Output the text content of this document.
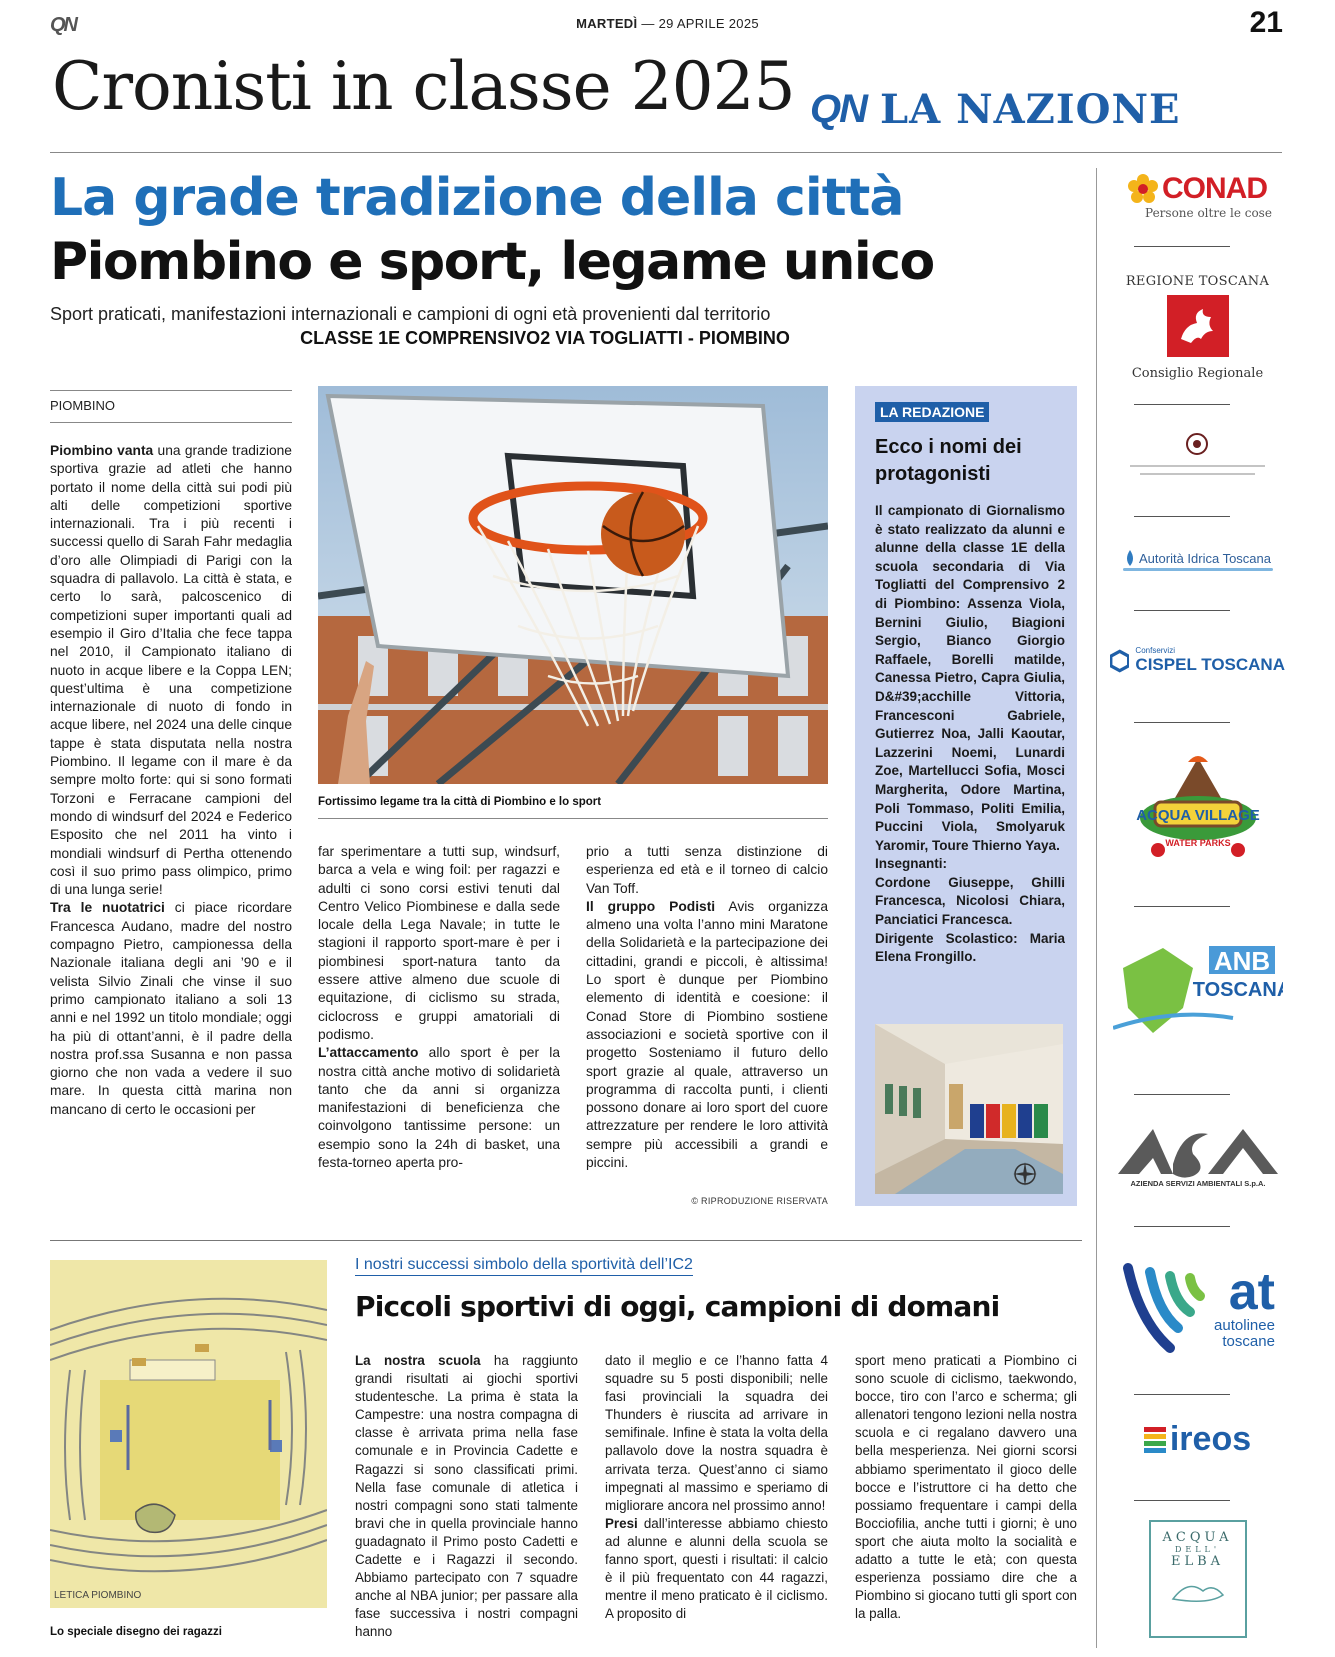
QN	MARTEDÌ — 29 APRILE 2025	21
Cronisti in classe 2025 QN LA NAZIONE
La grade tradizione della città
Piombino e sport, legame unico
Sport praticati, manifestazioni internazionali e campioni di ogni età provenienti dal territorio
CLASSE 1E COMPRENSIVO2 VIA TOGLIATTI - PIOMBINO
PIOMBINO
Piombino vanta una grande tradizione sportiva grazie ad atleti che hanno portato il nome della città sui podi più alti delle competizioni sportive internazionali. Tra i più recenti i successi quello di Sarah Fahr medaglia d’oro alle Olimpiadi di Parigi con la squadra di pallavolo. La città è stata, e certo lo sarà, palcoscenico di competizioni super importanti quali ad esempio il Giro d’Italia che fece tappa nel 2010, il Campionato italiano di nuoto in acque libere e la Coppa LEN; quest’ultima è una competizione internazionale di nuoto di fondo in acque libere, nel 2024 una delle cinque tappe è stata disputata nella nostra Piombino. Il legame con il mare è da sempre molto forte: qui si sono formati Torzoni e Ferracane campioni del mondo di windsurf del 2024 e Federico Esposito che nel 2011 ha vinto i mondiali windsurf di Pertha ottenendo così il suo primo pass olimpico, primo di una lunga serie!
Tra le nuotatrici ci piace ricordare Francesca Audano, madre del nostro compagno Pietro, campionessa della Nazionale italiana degli ani ’90 e il velista Silvio Zinali che vinse il suo primo campionato italiano a soli 13 anni e nel 1992 un titolo mondiale; oggi ha più di ottant’anni, è il padre della nostra prof.ssa Susanna e non passa giorno che non vada a vedere il suo mare. In questa città marina non mancano di certo le occasioni per
Fortissimo legame tra la città di Piombino e lo sport
far sperimentare a tutti sup, windsurf, barca a vela e wing foil: per ragazzi e adulti ci sono corsi estivi tenuti dal Centro Velico Piombinese e dalla sede locale della Lega Navale; in tutte le stagioni il rapporto sport-mare è per i piombinesi sport-natura tanto da essere attive almeno due scuole di equitazione, di ciclismo su strada, ciclocross e gruppi amatoriali di podismo.
L’attaccamento allo sport è per la nostra città anche motivo di solidarietà tanto che da anni si organizza manifestazioni di beneficienza che coinvolgono tantissime persone: un esempio sono la 24h di basket, una festa-torneo aperta pro-
prio a tutti senza distinzione di esperienza ed età e il torneo di calcio Van Toff.
Il gruppo Podisti Avis organizza almeno una volta l’anno mini Maratone della Solidarietà e la partecipazione dei cittadini, grandi e piccoli, è altissima! Lo sport è dunque per Piombino elemento di identità e coesione: il Conad Store di Piombino sostiene associazioni e società sportive con il progetto Sosteniamo il futuro dello sport grazie al quale, attraverso un programma di raccolta punti, i clienti possono donare ai loro sport del cuore attrezzature per rendere le loro attività sempre più accessibili a grandi e piccini.
© RIPRODUZIONE RISERVATA
LA REDAZIONE
Ecco i nomi dei protagonisti
Il campionato di Giornalismo è stato realizzato da alunni e alunne della classe 1E della scuola secondaria di Via Togliatti del Comprensivo 2 di Piombino: Assenza Viola, Bernini Giulio, Biagioni Sergio, Bianco Giorgio Raffaele, Borelli matilde, Canessa Pietro, Capra Giulia, D&#39;acchille Vittoria, Francesconi Gabriele, Gutierrez Noa, Jalli Kaoutar, Lazzerini Noemi, Lunardi Zoe, Martellucci Sofia, Mosci Margherita, Odore Martina, Poli Tommaso, Politi Emilia, Puccini Viola, Smolyaruk Yaromir, Toure Thierno Yaya.
Insegnanti:
Cordone Giuseppe, Ghilli Francesca, Nicolosi Chiara, Panciatici Francesca.
Dirigente Scolastico: Maria Elena Frongillo.
LETICA PIOMBINO
Lo speciale disegno dei ragazzi
I nostri successi simbolo della sportività dell’IC2
Piccoli sportivi di oggi, campioni di domani
La nostra scuola ha raggiunto grandi risultati ai giochi sportivi studentesche. La prima è stata la Campestre: una nostra compagna di classe è arrivata prima nella fase comunale e in Provincia Cadette e Ragazzi si sono classificati primi. Nella fase comunale di atletica i nostri compagni sono stati talmente bravi che in quella provinciale hanno guadagnato il Primo posto Cadetti e Cadette e i Ragazzi il secondo. Abbiamo partecipato con 7 squadre anche al NBA junior; per passare alla fase successiva i nostri compagni hanno
dato il meglio e ce l’hanno fatta 4 squadre su 5 posti disponibili; nelle fasi provinciali la squadra dei Thunders è riuscita ad arrivare in semifinale. Infine è stata la volta della pallavolo dove la nostra squadra è arrivata terza. Quest’anno ci siamo impegnati al massimo e speriamo di migliorare ancora nel prossimo anno!
Presi dall’interesse abbiamo chiesto ad alunne e alunni della scuola se fanno sport, questi i risultati: il calcio è il più frequentato con 44 ragazzi, mentre il meno praticato è il ciclismo. A proposito di
sport meno praticati a Piombino ci sono scuole di ciclismo, taekwondo, bocce, tiro con l’arco e scherma; gli allenatori tengono lezioni nella nostra scuola e ci regalano davvero una bella mesperienza. Nei giorni scorsi abbiamo sperimentato il gioco delle bocce e l’istruttore ci ha detto che possiamo frequentare i campi della Bocciofilia, anche tutti i giorni; è uno sport che aiuta molto la socialità e adatto a tutte le età; con questa esperienza possiamo dire che a Piombino si giocano tutti gli sport con la palla.
CONAD
Persone oltre le cose
REGIONE TOSCANA
Consiglio Regionale
Autorità Idrica Toscana
Confservizi
CISPEL TOSCANA
ACQUA VILLAGE
WATER PARKS
ANB
TOSCANA
AZIENDA SERVIZI AMBIENTALI S.p.A.
ASA
at
autolinee
toscane
ireos
ACQUA
DELL'
ELBA
